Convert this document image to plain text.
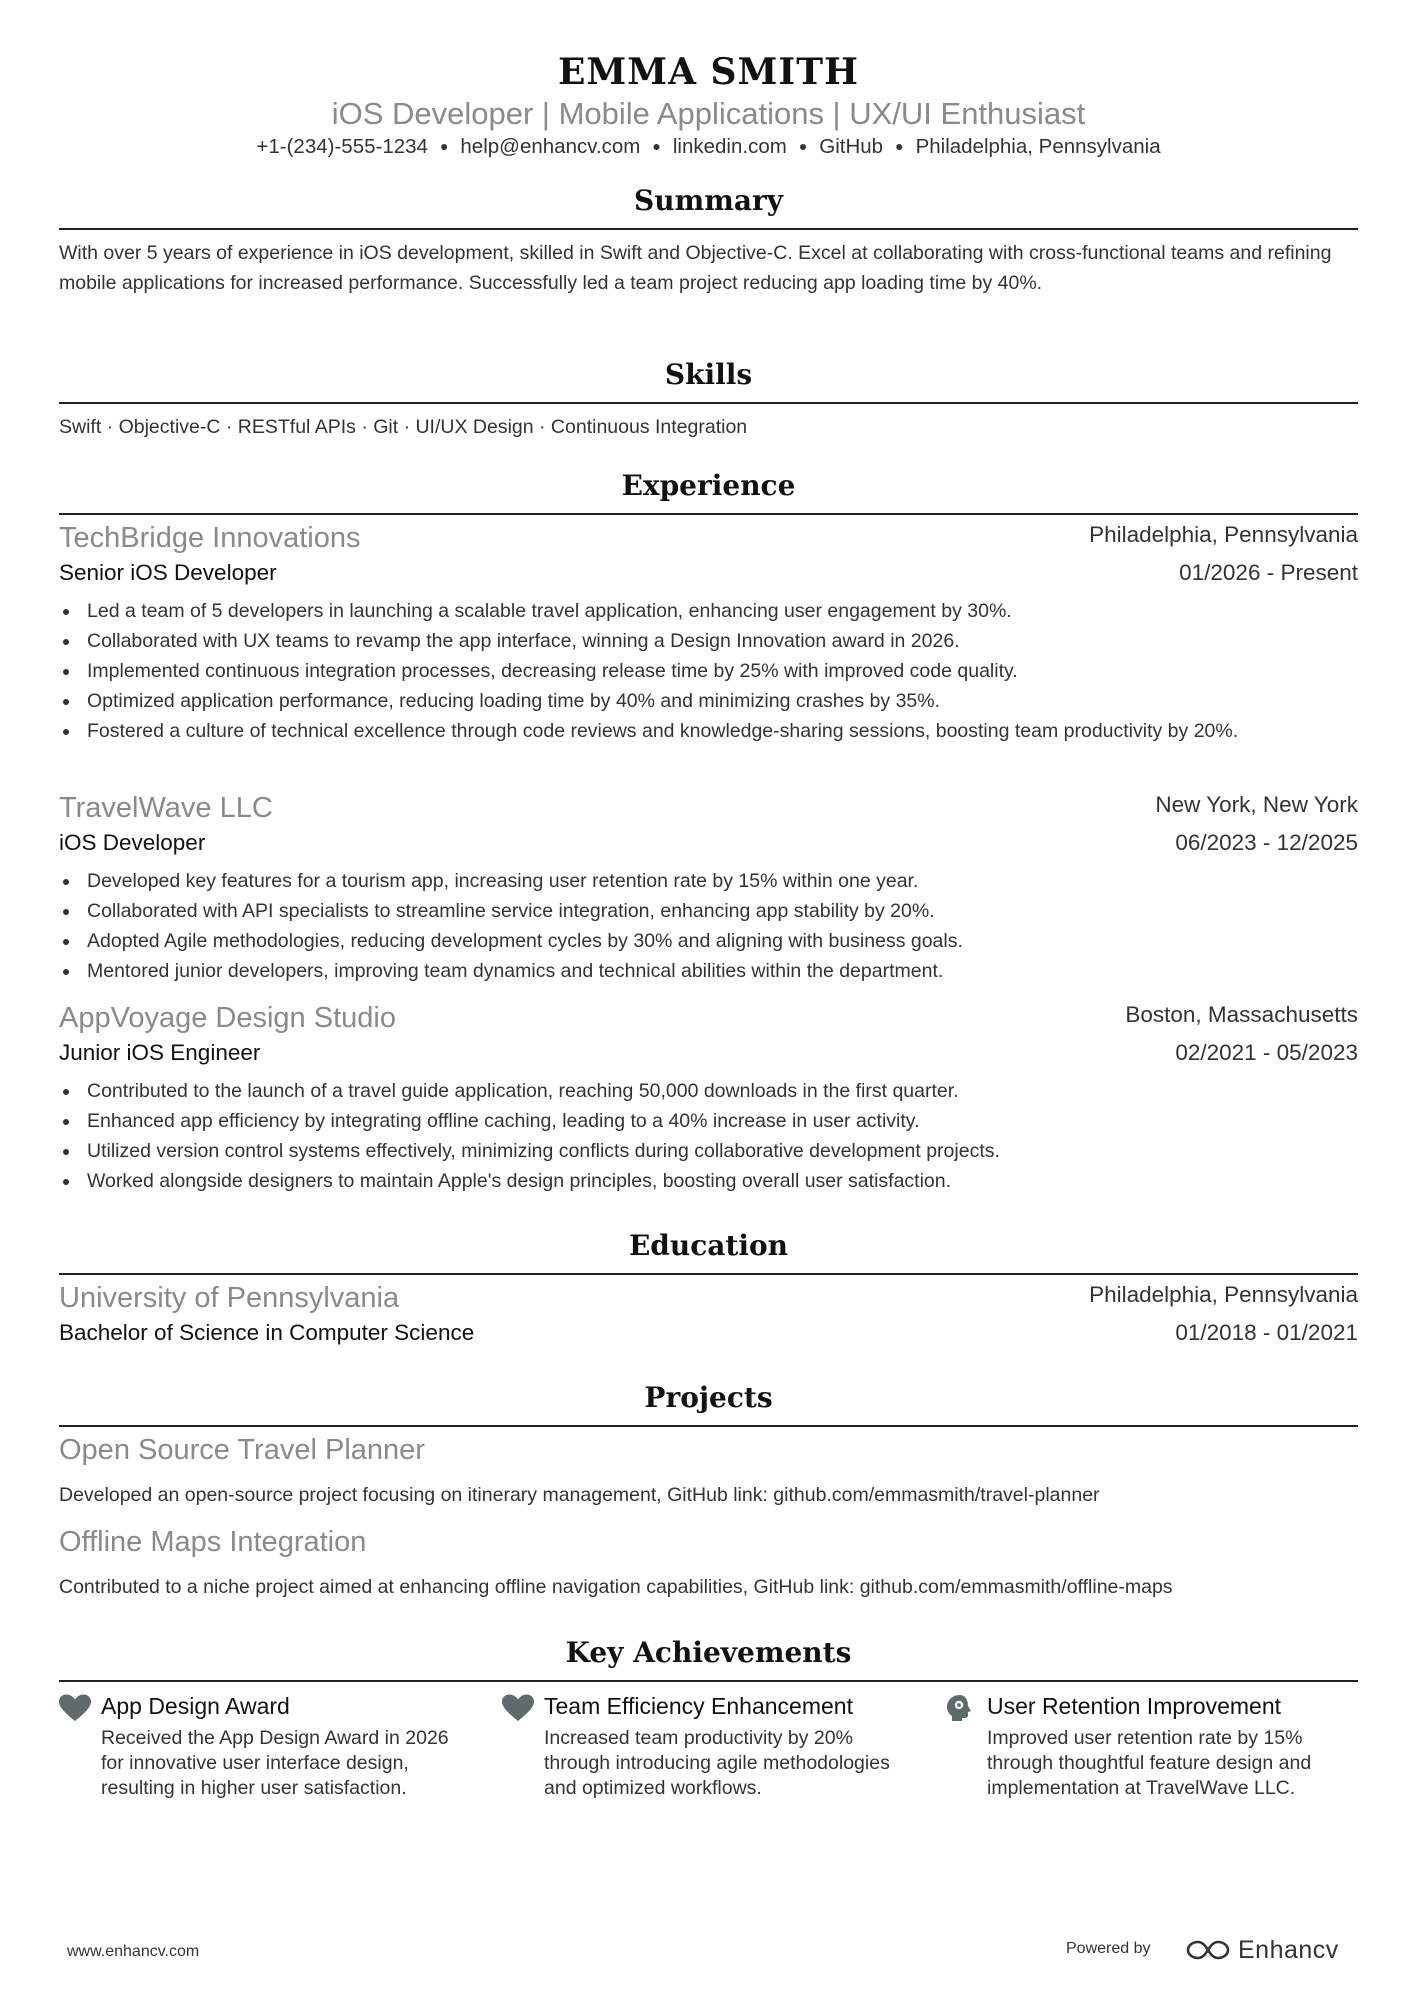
EMMA SMITH
iOS Developer | Mobile Applications | UX/UI Enthusiast
+1-(234)-555-1234 ● help@enhancv.com ● linkedin.com ● GitHub ● Philadelphia, Pennsylvania
Summary

With over 5 years of experience in iOS development, skilled in Swift and Objective-C. Excel at collaborating with cross-functional teams and refining mobile applications for increased performance. Successfully led a team project reducing app loading time by 40%.

Skills

Swift · Objective-C · RESTful APIs · Git · UI/UX Design · Continuous Integration

Experience
TechBridge Innovations	Philadelphia, Pennsylvania
Senior iOS Developer	01/2026 - Present
Led a team of 5 developers in launching a scalable travel application, enhancing user engagement by 30%.
Collaborated with UX teams to revamp the app interface, winning a Design Innovation award in 2026.
Implemented continuous integration processes, decreasing release time by 25% with improved code quality.
Optimized application performance, reducing loading time by 40% and minimizing crashes by 35%.
Fostered a culture of technical excellence through code reviews and knowledge-sharing sessions, boosting team productivity by 20%.
TravelWave LLC	New York, New York
iOS Developer	06/2023 - 12/2025
Developed key features for a tourism app, increasing user retention rate by 15% within one year.
Collaborated with API specialists to streamline service integration, enhancing app stability by 20%.
Adopted Agile methodologies, reducing development cycles by 30% and aligning with business goals.
Mentored junior developers, improving team dynamics and technical abilities within the department.
AppVoyage Design Studio	Boston, Massachusetts
Junior iOS Engineer	02/2021 - 05/2023
Contributed to the launch of a travel guide application, reaching 50,000 downloads in the first quarter.
Enhanced app efficiency by integrating offline caching, leading to a 40% increase in user activity.
Utilized version control systems effectively, minimizing conflicts during collaborative development projects.
Worked alongside designers to maintain Apple's design principles, boosting overall user satisfaction.
Education
University of Pennsylvania	Philadelphia, Pennsylvania
Bachelor of Science in Computer Science	01/2018 - 01/2021
Projects
Open Source Travel Planner

Developed an open-source project focusing on itinerary management, GitHub link: github.com/emmasmith/travel-planner

Offline Maps Integration

Contributed to a niche project aimed at enhancing offline navigation capabilities, GitHub link: github.com/emmasmith/offline-maps

Key Achievements
App Design Award
Received the App Design Award in 2026 for innovative user interface design, resulting in higher user satisfaction.
Team Efficiency Enhancement
Increased team productivity by 20% through introducing agile methodologies and optimized workflows.
User Retention Improvement
Improved user retention rate by 15% through thoughtful feature design and implementation at TravelWave LLC.
www.enhancv.com	Powered by	Enhancv
